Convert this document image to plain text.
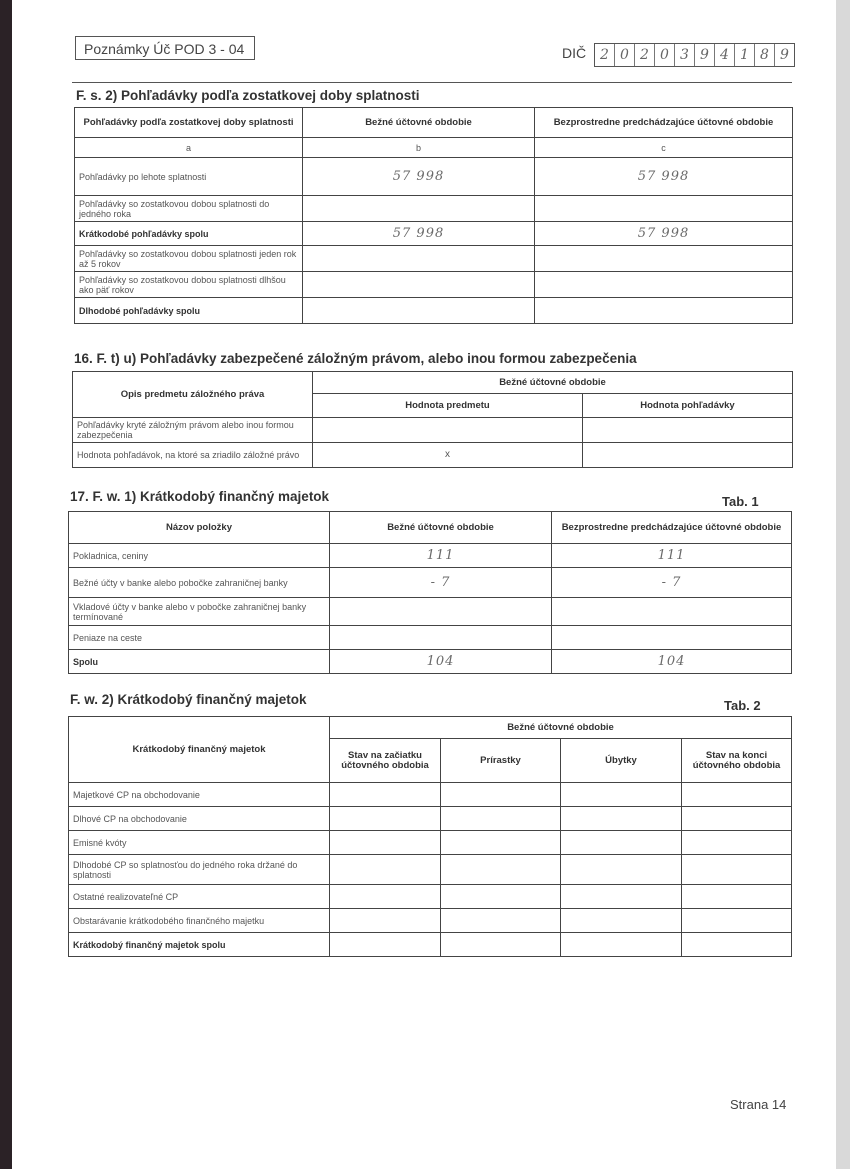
Poznámky Úč POD 3 - 04	DIČ 2 0 2 0 3 9 4 1 8 9
F. s. 2) Pohľadávky podľa zostatkovej doby splatnosti
Pohľadávky podľa zostatkovej doby splatnosti	Bežné účtovné obdobie	Bezprostredne predchádzajúce účtovné obdobie
a	b	c
Pohľadávky po lehote splatnosti	57 998	57 998
Pohľadávky so zostatkovou dobou splatnosti do jedného roka		
Krátkodobé pohľadávky spolu	57 998	57 998
Pohľadávky so zostatkovou dobou splatnosti jeden rok až 5 rokov		
Pohľadávky so zostatkovou dobou splatnosti dlhšou ako päť rokov		
Dlhodobé pohľadávky spolu		
16. F. t) u) Pohľadávky zabezpečené záložným právom, alebo inou formou zabezpečenia
Opis predmetu záložného práva	Bežné účtovné obdobie	
	Hodnota predmetu	Hodnota pohľadávky
Pohľadávky kryté záložným právom alebo inou formou zabezpečenia		
Hodnota pohľadávok, na ktoré sa zriadilo záložné právo	x	
17. F. w. 1) Krátkodobý finančný majetok	Tab. 1
Názov položky	Bežné účtovné obdobie	Bezprostredne predchádzajúce účtovné obdobie
Pokladnica, ceniny	111	111
Bežné účty v banke alebo pobočke zahraničnej banky	- 7	- 7
Vkladové účty v banke alebo v pobočke zahraničnej banky termínované		
Peniaze na ceste		
Spolu	104	104
F. w. 2) Krátkodobý finančný majetok	Tab. 2
Krátkodobý finančný majetok	Bežné účtovné obdobie			
	Stav na začiatku účtovného obdobia	Prírastky	Úbytky	Stav na konci účtovného obdobia
Majetkové CP na obchodovanie				
Dlhové CP na obchodovanie				
Emisné kvóty				
Dlhodobé CP so splatnosťou do jedného roka držané do splatnosti				
Ostatné realizovateľné CP				
Obstarávanie krátkodobého finančného majetku				
Krátkodobý finančný majetok spolu				
Strana 14
